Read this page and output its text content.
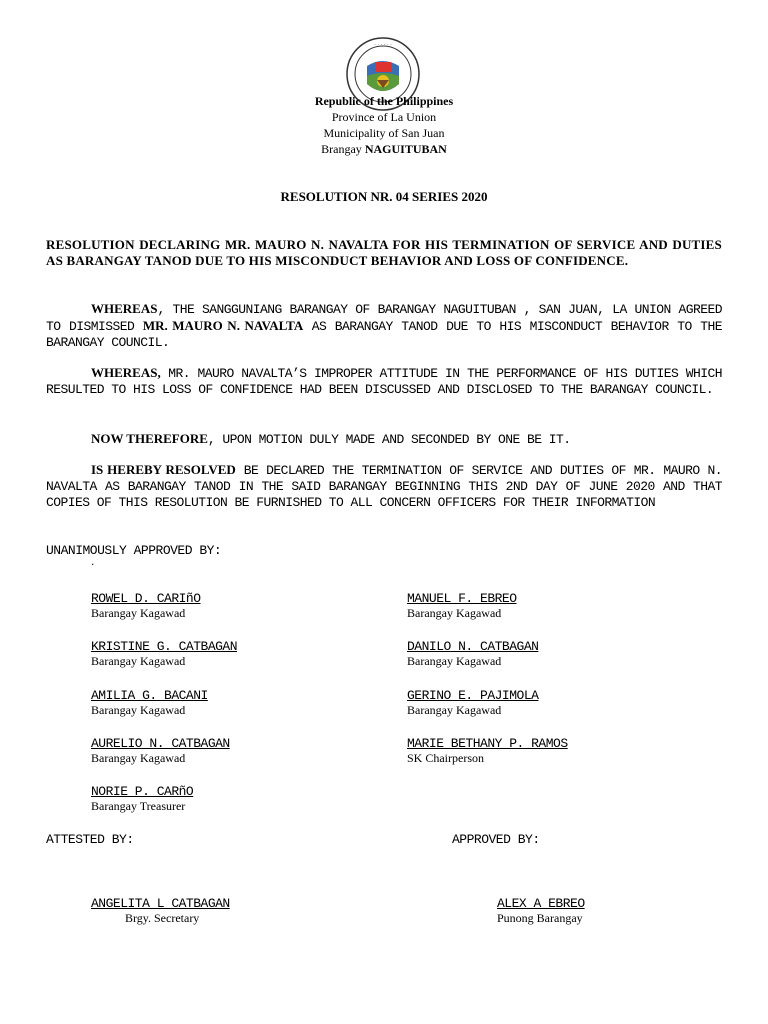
· · · · · ·
Republic of the Philippines
Province of La Union
Municipality of San Juan
Brangay NAGUITUBAN
RESOLUTION NR. 04 SERIES 2020
RESOLUTION DECLARING MR. MAURO N. NAVALTA FOR HIS TERMINATION OF SERVICE AND DUTIES AS BARANGAY TANOD DUE TO HIS MISCONDUCT BEHAVIOR AND LOSS OF CONFIDENCE.
WHEREAS, THE SANGGUNIANG BARANGAY OF BARANGAY NAGUITUBAN , SAN JUAN, LA UNION AGREED TO DISMISSED MR. MAURO N. NAVALTA AS BARANGAY TANOD DUE TO HIS MISCONDUCT BEHAVIOR TO THE BARANGAY COUNCIL.
WHEREAS, MR. MAURO NAVALTA’S IMPROPER ATTITUDE IN THE PERFORMANCE OF HIS DUTIES WHICH RESULTED TO HIS LOSS OF CONFIDENCE HAD BEEN DISCUSSED AND DISCLOSED TO THE BARANGAY COUNCIL.
NOW THEREFORE, UPON MOTION DULY MADE AND SECONDED BY ONE BE IT.
IS HEREBY RESOLVED BE DECLARED THE TERMINATION OF SERVICE AND DUTIES OF MR. MAURO N. NAVALTA AS BARANGAY TANOD IN THE SAID BARANGAY BEGINNING THIS 2ND DAY OF JUNE 2020 AND THAT COPIES OF THIS RESOLUTION BE FURNISHED TO ALL CONCERN OFFICERS FOR THEIR INFORMATION
UNANIMOUSLY APPROVED BY:
.
ROWEL D. CARIñO
Barangay Kagawad
KRISTINE G. CATBAGAN
Barangay Kagawad
AMILIA G. BACANI
Barangay Kagawad
AURELIO N. CATBAGAN
Barangay Kagawad
NORIE P. CARñO
Barangay Treasurer
MANUEL F. EBREO
Barangay Kagawad
DANILO N. CATBAGAN
Barangay Kagawad
GERINO E. PAJIMOLA
Barangay Kagawad
MARIE BETHANY P. RAMOS
SK Chairperson
ATTESTED BY:	APPROVED BY:
ANGELITA L CATBAGAN
Brgy. Secretary
ALEX A EBREO
Punong Barangay
